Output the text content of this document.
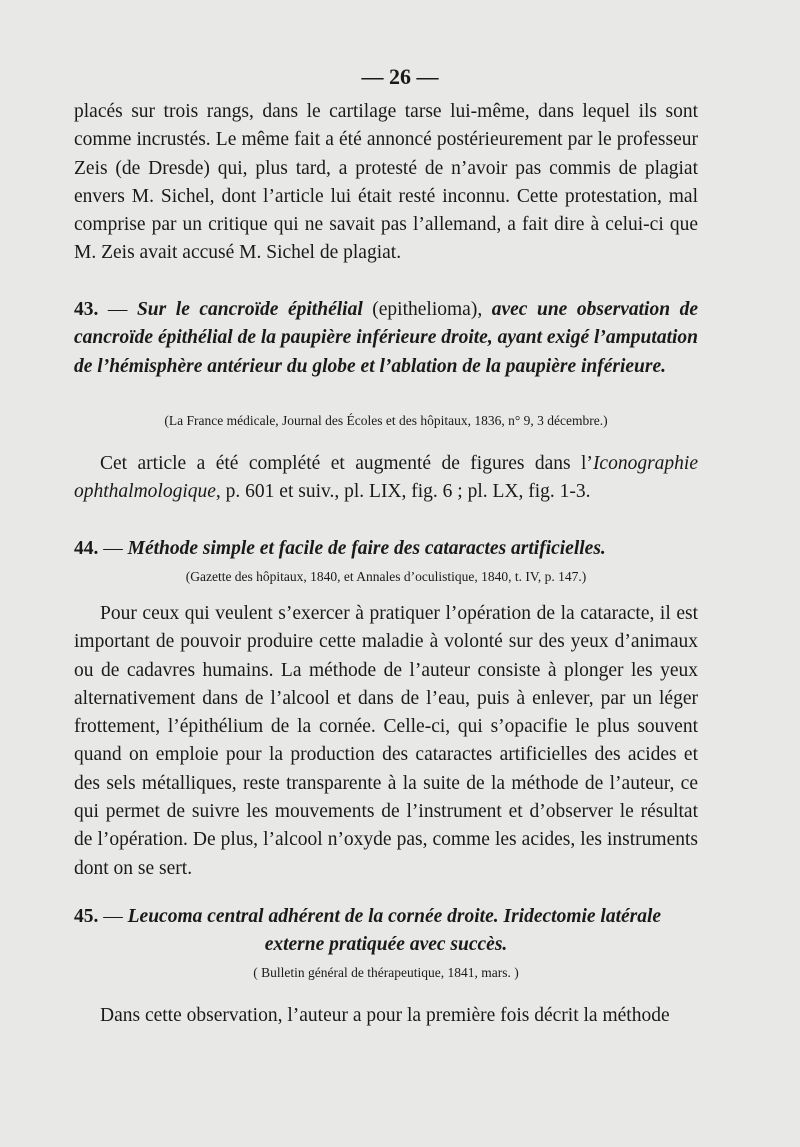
— 26 —

placés sur trois rangs, dans le cartilage tarse lui-même, dans lequel ils sont comme incrustés. Le même fait a été annoncé postérieurement par le professeur Zeis (de Dresde) qui, plus tard, a protesté de n’avoir pas commis de plagiat envers M. Sichel, dont l’article lui était resté inconnu. Cette protestation, mal comprise par un critique qui ne savait pas l’allemand, a fait dire à celui-ci que M. Zeis avait accusé M. Sichel de plagiat.

43. — Sur le cancroïde épithélial (epithelioma), avec une observation de cancroïde épithélial de la paupière inférieure droite, ayant exigé l’amputation de l’hémisphère antérieur du globe et l’ablation de la paupière inférieure.

(La France médicale, Journal des Écoles et des hôpitaux, 1836, n° 9, 3 décembre.)

Cet article a été complété et augmenté de figures dans l’Iconographie ophthalmologique, p. 601 et suiv., pl. LIX, fig. 6 ; pl. LX, fig. 1-3.

44. — Méthode simple et facile de faire des cataractes artificielles.

(Gazette des hôpitaux, 1840, et Annales d’oculistique, 1840, t. IV, p. 147.)

Pour ceux qui veulent s’exercer à pratiquer l’opération de la cataracte, il est important de pouvoir produire cette maladie à volonté sur des yeux d’animaux ou de cadavres humains. La méthode de l’auteur consiste à plonger les yeux alternativement dans de l’alcool et dans de l’eau, puis à enlever, par un léger frottement, l’épithélium de la cornée. Celle-ci, qui s’opacifie le plus souvent quand on emploie pour la production des cataractes artificielles des acides et des sels métalliques, reste transparente à la suite de la méthode de l’auteur, ce qui permet de suivre les mouvements de l’instrument et d’observer le résultat de l’opération. De plus, l’alcool n’oxyde pas, comme les acides, les instruments dont on se sert.

45. — Leucoma central adhérent de la cornée droite. Iridectomie latérale

externe pratiquée avec succès.

( Bulletin général de thérapeutique, 1841, mars. )

Dans cette observation, l’auteur a pour la première fois décrit la méthode
